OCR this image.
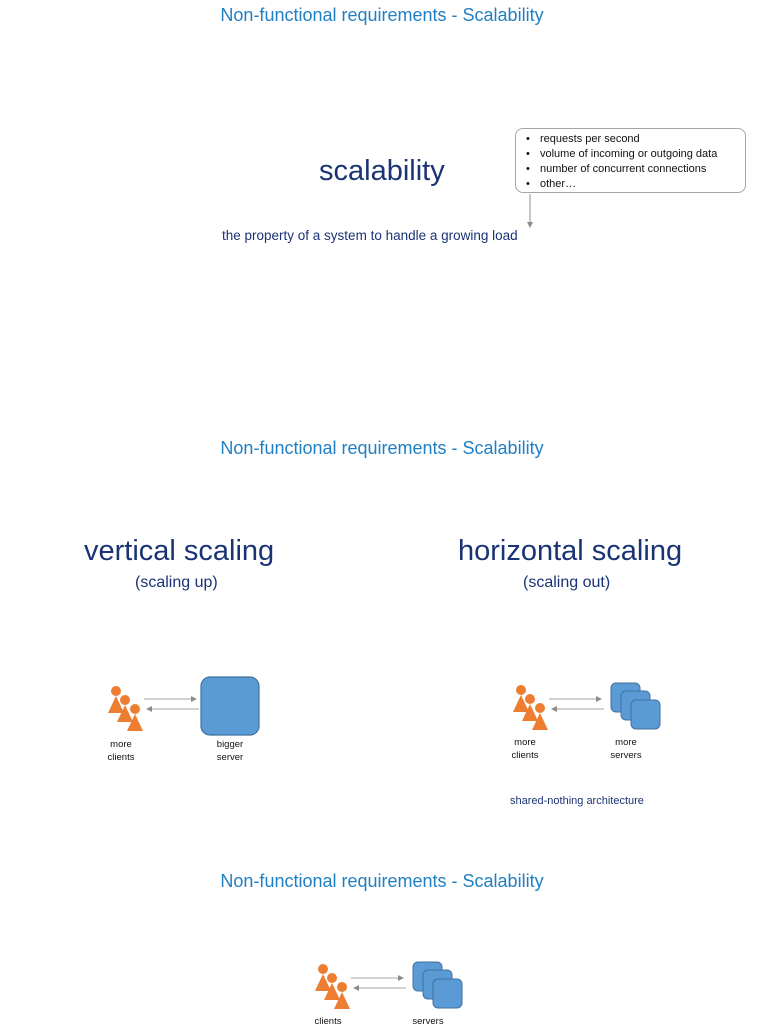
Non-functional requirements - Scalability
scalability
the property of a system to handle a growing load
• requests per second
• volume of incoming or outgoing data
• number of concurrent connections
• other…
Non-functional requirements - Scalability
vertical scaling
(scaling up)
more
clients
bigger
server
horizontal scaling
(scaling out)
more
clients
more
servers
shared-nothing architecture
Non-functional requirements - Scalability
clients	servers
